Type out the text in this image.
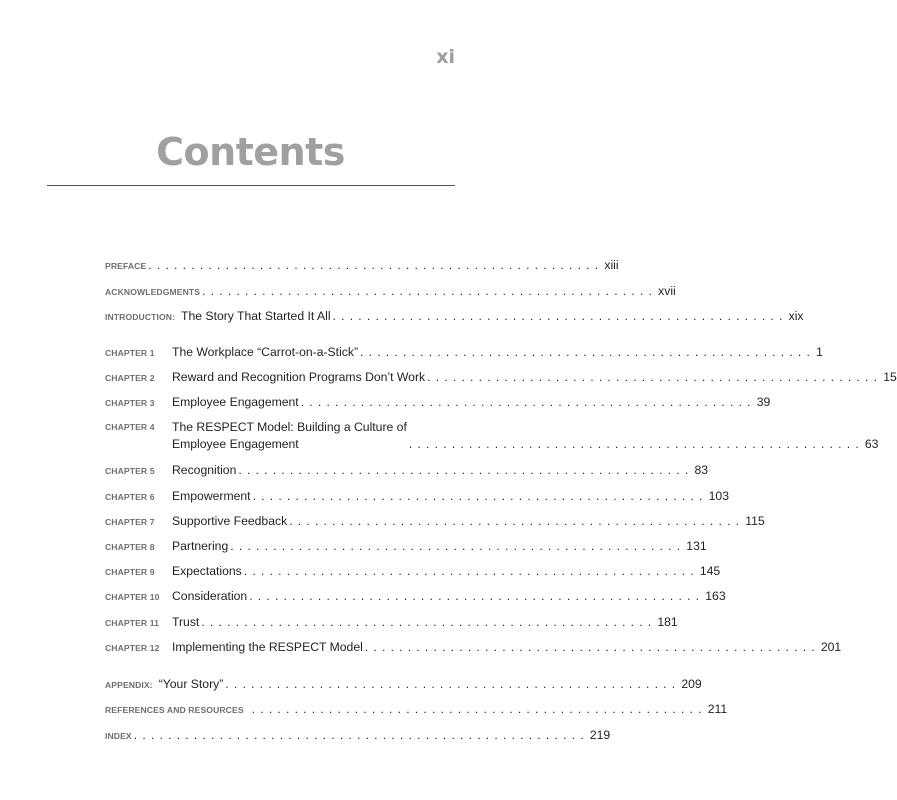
xi
Contents
PREFACE ..................................................... xiii
ACKNOWLEDGMENTS ..................................................... xvii
INTRODUCTION: The Story That Started It All ..................................................... xix
CHAPTER 1	The Workplace “Carrot-on-a-Stick” ..................................................... 1
CHAPTER 2	Reward and Recognition Programs Don’t Work ..................................................... 15
CHAPTER 3	Employee Engagement ..................................................... 39
CHAPTER 4	The RESPECT Model: Building a Culture of
Employee Engagement	..................................................... 63
CHAPTER 5	Recognition ..................................................... 83
CHAPTER 6	Empowerment ..................................................... 103
CHAPTER 7	Supportive Feedback ..................................................... 115
CHAPTER 8	Partnering ..................................................... 131
CHAPTER 9	Expectations ..................................................... 145
CHAPTER 10	Consideration ..................................................... 163
CHAPTER 11	Trust ..................................................... 181
CHAPTER 12	Implementing the RESPECT Model ..................................................... 201
APPENDIX: “Your Story” ..................................................... 209
REFERENCES AND RESOURCES ..................................................... 211
INDEX ..................................................... 219
